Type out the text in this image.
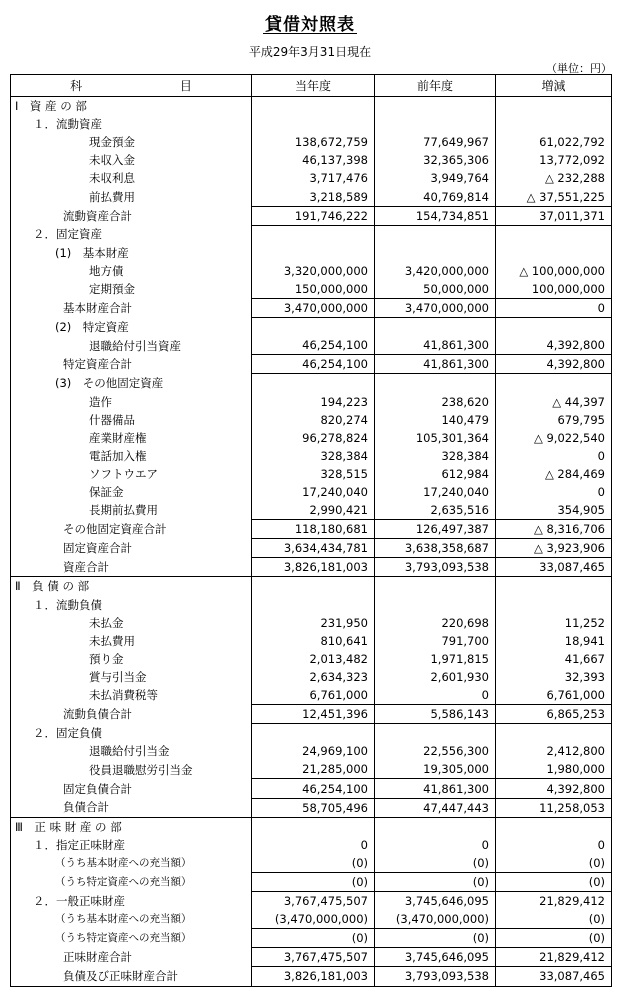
貸借対照表
平成29年3月31日現在
（単位：円）
科 目	当年度	前年度	増減
Ⅰ　資 産 の 部			
１．流動資産			
現金預金	138,672,759	77,649,967	61,022,792
未収入金	46,137,398	32,365,306	13,772,092
未収利息	3,717,476	3,949,764	△ 232,288
前払費用	3,218,589	40,769,814	△ 37,551,225
流動資産合計	191,746,222	154,734,851	37,011,371
２．固定資産			
(1)　基本財産			
地方債	3,320,000,000	3,420,000,000	△ 100,000,000
定期預金	150,000,000	50,000,000	100,000,000
基本財産合計	3,470,000,000	3,470,000,000	0
(2)　特定資産			
退職給付引当資産	46,254,100	41,861,300	4,392,800
特定資産合計	46,254,100	41,861,300	4,392,800
(3)　その他固定資産			
造作	194,223	238,620	△ 44,397
什器備品	820,274	140,479	679,795
産業財産権	96,278,824	105,301,364	△ 9,022,540
電話加入権	328,384	328,384	0
ソフトウエア	328,515	612,984	△ 284,469
保証金	17,240,040	17,240,040	0
長期前払費用	2,990,421	2,635,516	354,905
その他固定資産合計	118,180,681	126,497,387	△ 8,316,706
固定資産合計	3,634,434,781	3,638,358,687	△ 3,923,906
資産合計	3,826,181,003	3,793,093,538	33,087,465
Ⅱ　負 債 の 部			
１．流動負債			
未払金	231,950	220,698	11,252
未払費用	810,641	791,700	18,941
預り金	2,013,482	1,971,815	41,667
賞与引当金	2,634,323	2,601,930	32,393
未払消費税等	6,761,000	0	6,761,000
流動負債合計	12,451,396	5,586,143	6,865,253
２．固定負債			
退職給付引当金	24,969,100	22,556,300	2,412,800
役員退職慰労引当金	21,285,000	19,305,000	1,980,000
固定負債合計	46,254,100	41,861,300	4,392,800
負債合計	58,705,496	47,447,443	11,258,053
Ⅲ　正 味 財 産 の 部			
１．指定正味財産	0	0	0
（うち基本財産への充当額）	(0)	(0)	(0)
（うち特定資産への充当額）	(0)	(0)	(0)
２．一般正味財産	3,767,475,507	3,745,646,095	21,829,412
（うち基本財産への充当額）	(3,470,000,000)	(3,470,000,000)	(0)
（うち特定資産への充当額）	(0)	(0)	(0)
正味財産合計	3,767,475,507	3,745,646,095	21,829,412
負債及び正味財産合計	3,826,181,003	3,793,093,538	33,087,465
